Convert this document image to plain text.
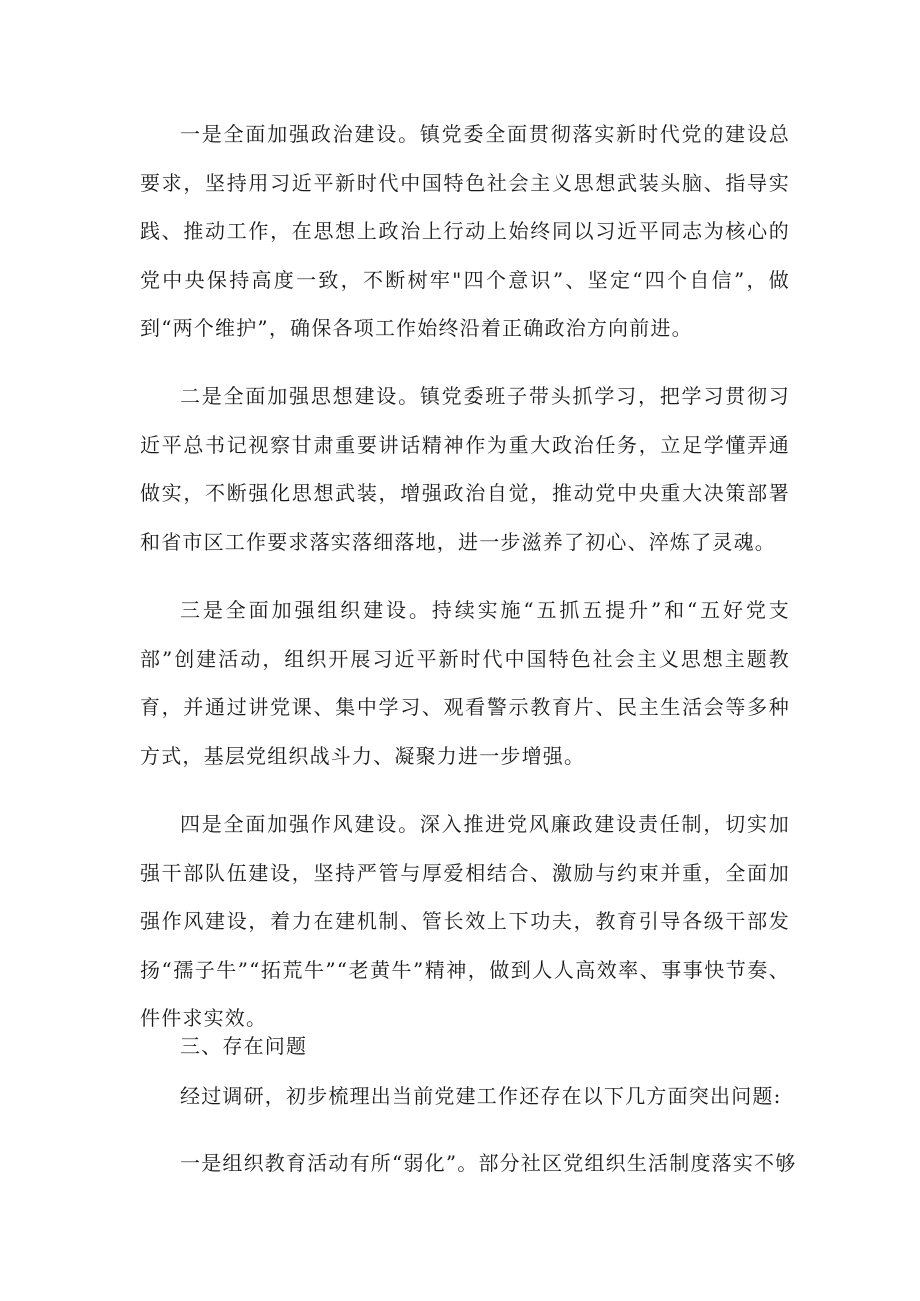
一是全面加强政治建设。镇党委全面贯彻落实新时代党的建设总要求，坚持用习近平新时代中国特色社会主义思想武装头脑、指导实践、推动工作，在思想上政治上行动上始终同以习近平同志为核心的党中央保持高度一致，不断树牢"四个意识”、坚定“四个自信”，做到“两个维护”，确保各项工作始终沿着正确政治方向前进。

二是全面加强思想建设。镇党委班子带头抓学习，把学习贯彻习近平总书记视察甘肃重要讲话精神作为重大政治任务，立足学懂弄通做实，不断强化思想武装，增强政治自觉，推动党中央重大决策部署和省市区工作要求落实落细落地，进一步滋养了初心、淬炼了灵魂。

三是全面加强组织建设。持续实施“五抓五提升”和“五好党支部”创建活动，组织开展习近平新时代中国特色社会主义思想主题教育，并通过讲党课、集中学习、观看警示教育片、民主生活会等多种方式，基层党组织战斗力、凝聚力进一步增强。

四是全面加强作风建设。深入推进党风廉政建设责任制，切实加强干部队伍建设，坚持严管与厚爱相结合、激励与约束并重，全面加强作风建设，着力在建机制、管长效上下功夫，教育引导各级干部发扬“孺子牛”“拓荒牛”“老黄牛”精神，做到人人高效率、事事快节奏、件件求实效。

三、存在问题

经过调研，初步梳理出当前党建工作还存在以下几方面突出问题:

一是组织教育活动有所“弱化”。部分社区党组织生活制度落实不够
